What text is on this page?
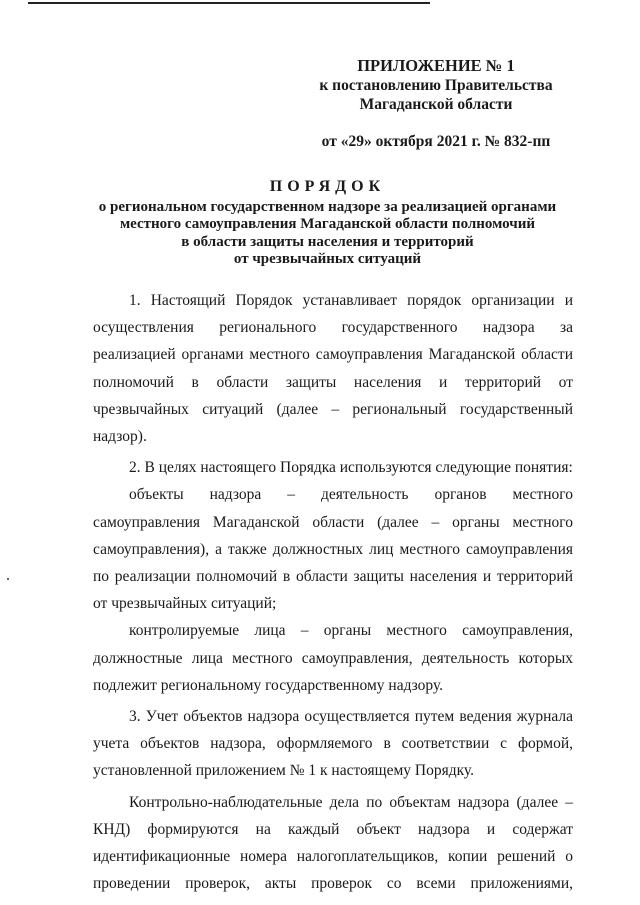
ПРИЛОЖЕНИЕ № 1
к постановлению Правительства
Магаданской области
от «29» октября 2021 г. № 832-пп
ПОРЯДОК
о региональном государственном надзоре за реализацией органами
местного самоуправления Магаданской области полномочий
в области защиты населения и территорий
от чрезвычайных ситуаций

1. Настоящий Порядок устанавливает порядок организации и осуществления регионального государственного надзора за реализацией органами местного самоуправления Магаданской области полномочий в области защиты населения и территорий от чрезвычайных ситуаций (далее – региональный государственный надзор).

2. В целях настоящего Порядка используются следующие понятия:

объекты надзора – деятельность органов местного самоуправления Магаданской области (далее – органы местного самоуправления), а также должностных лиц местного самоуправления по реализации полномочий в области защиты населения и территорий от чрезвычайных ситуаций;

контролируемые лица – органы местного самоуправления, должностные лица местного самоуправления, деятельность которых подлежит региональному государственному надзору.

3. Учет объектов надзора осуществляется путем ведения журнала учета объектов надзора, оформляемого в соответствии с формой, установленной приложением № 1 к настоящему Порядку.

Контрольно-наблюдательные дела по объектам надзора (далее – КНД) формируются на каждый объект надзора и содержат идентификационные номера налогоплательщиков, копии решений о проведении проверок, акты проверок со всеми приложениями,
